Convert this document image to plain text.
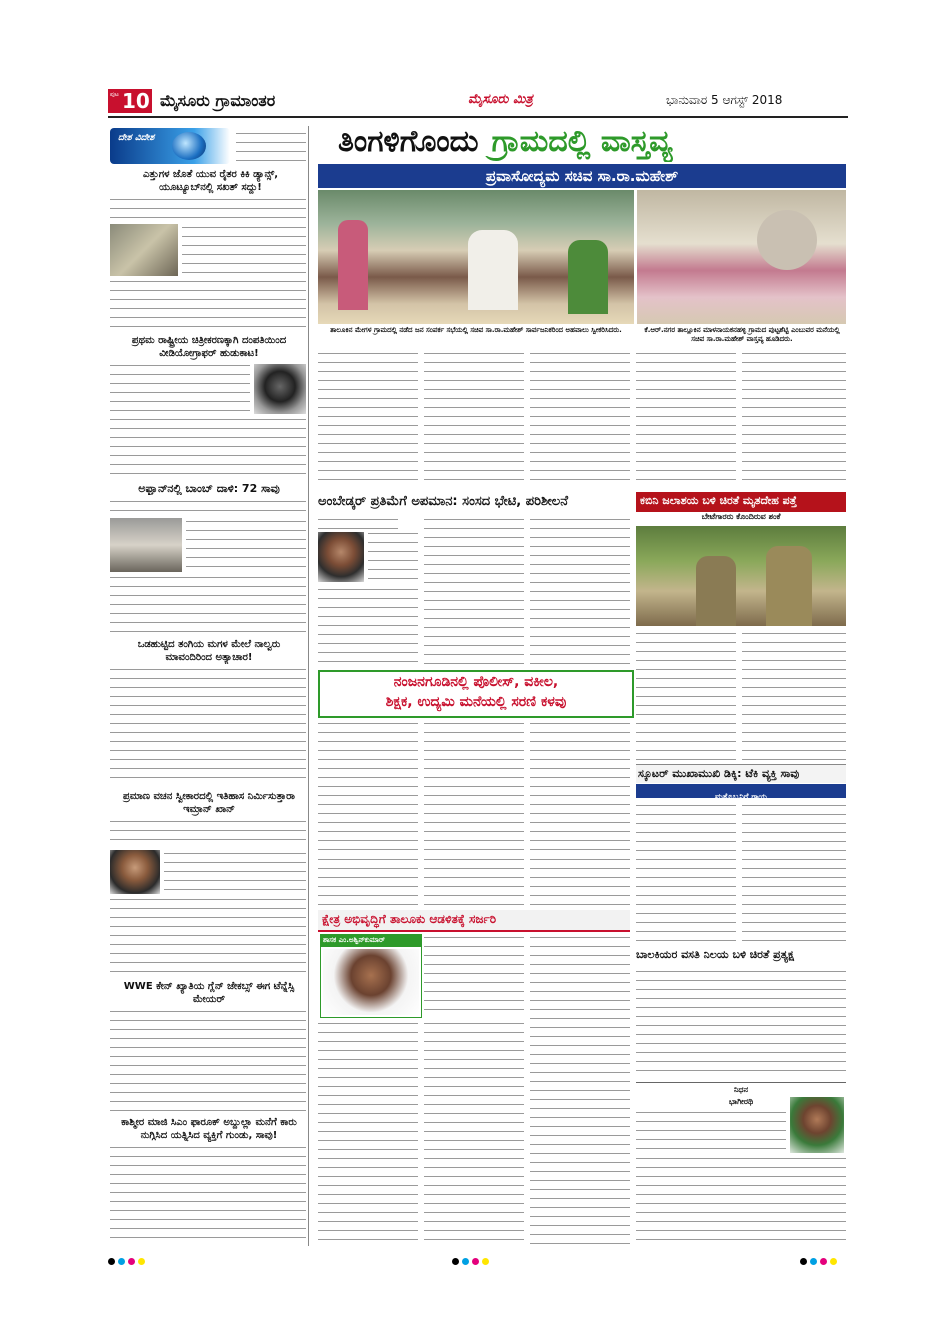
ಪುಟ 10 ಮೈಸೂರು ಗ್ರಾಮಾಂತರ	ಮೈಸೂರು ಮಿತ್ರ	ಭಾನುವಾರ 5 ಆಗಸ್ಟ್ 2018
ದೇಶ ವಿದೇಶ
ಎತ್ತುಗಳ ಜೊತೆ ಯುವ ರೈತರ ಕಿಕಿ ಡ್ಯಾನ್ಸ್, ಯೂಟ್ಯೂಬ್‍ನಲ್ಲಿ ಸಖತ್ ಸದ್ದು!
ಪ್ರಥಮ ರಾಷ್ಟ್ರೀಯ ಚಿತ್ರೀಕರಣಕ್ಕಾಗಿ ದಂಪತಿಯಿಂದ ವೀಡಿಯೋಗ್ರಾಫರ್ ಹುಡುಕಾಟ!
ಅಫ್ಘಾನ್‍ನಲ್ಲಿ ಬಾಂಬ್ ದಾಳಿ: 72 ಸಾವು
ಒಡಹುಟ್ಟಿದ ತಂಗಿಯ ಮಗಳ ಮೇಲೆ ನಾಲ್ವರು ಮಾವಂದಿರಿಂದ ಅತ್ಯಾಚಾರ!
ಪ್ರಮಾಣ ವಚನ ಸ್ವೀಕಾರದಲ್ಲಿ ಇತಿಹಾಸ ನಿರ್ಮಿಸುತ್ತಾರಾ ಇಮ್ರಾನ್ ಖಾನ್
WWE ಕೇನ್ ಖ್ಯಾತಿಯ ಗ್ಲೆನ್ ಜೇಕಬ್ಸ್ ಈಗ ಟೆನ್ನೆಸ್ಸಿ ಮೇಯರ್
ಕಾಶ್ಮೀರ ಮಾಜಿ ಸಿಎಂ ಫಾರೂಕ್ ಅಬ್ದುಲ್ಲಾ ಮನೆಗೆ ಕಾರು ನುಗ್ಗಿಸಿದ ಯತ್ನಿಸಿದ ವ್ಯಕ್ತಿಗೆ ಗುಂಡು, ಸಾವು!
ತಿಂಗಳಿಗೊಂದು ಗ್ರಾಮದಲ್ಲಿ ವಾಸ್ತವ್ಯ
ಪ್ರವಾಸೋದ್ಯಮ ಸಚಿವ ಸಾ.ರಾ.ಮಹೇಶ್
ತಾಲೂಕಿನ ಮೇಗಳ ಗ್ರಾಮದಲ್ಲಿ ನಡೆದ ಜನ ಸಂಪರ್ಕ ಸಭೆಯಲ್ಲಿ ಸಚಿವ ಸಾ.ರಾ.ಮಹೇಶ್ ಸಾರ್ವಜನಿಕರಿಂದ ಅಹವಾಲು ಸ್ವೀಕರಿಸಿದರು.	ಕೆ.ಆರ್.ನಗರ ತಾಲ್ಲೂಕಿನ ಮಾಳನಾಯಕನಹಳ್ಳಿ ಗ್ರಾಮದ ಪುಟ್ಟಶೆಟ್ಟಿ ಎಂಬುವರ ಮನೆಯಲ್ಲಿ ಸಚಿವ ಸಾ.ರಾ.ಮಹೇಶ್ ವಾಸ್ತವ್ಯ ಹೂಡಿದರು.
ಅಂಬೇಡ್ಕರ್ ಪ್ರತಿಮೆಗೆ ಅಪಮಾನ: ಸಂಸದ ಭೇಟಿ, ಪರಿಶೀಲನೆ	ಕಬಿನಿ ಜಲಾಶಯ ಬಳಿ ಚಿರತೆ ಮೃತದೇಹ ಪತ್ತೆ
ಬೇಟೆಗಾರರು ಕೊಂದಿರುವ ಶಂಕೆ
ನಂಜನಗೂಡಿನಲ್ಲಿ ಪೊಲೀಸ್, ವಕೀಲ,
ಶಿಕ್ಷಕ, ಉದ್ಯಮಿ ಮನೆಯಲ್ಲಿ ಸರಣಿ ಕಳವು
ಸ್ಕೂಟರ್ ಮುಖಾಮುಖಿ ಡಿಕ್ಕಿ: ಟೆಕಿ ವ್ಯಕ್ತಿ ಸಾವು
ಮತ್ತೊಬ್ಬನಿಗೆ ಗಾಯ
ಕ್ಷೇತ್ರ ಅಭಿವೃದ್ಧಿಗೆ ತಾಲೂಕು ಆಡಳಿತಕ್ಕೆ ಸರ್ಜರಿ
ಶಾಸಕ ಎಂ.ಅಶ್ವಿನ್‍ಕುಮಾರ್
ಬಾಲಕಿಯರ ವಸತಿ ನಿಲಯ ಬಳಿ ಚಿರತೆ ಪ್ರತ್ಯಕ್ಷ
ನಿಧನ
ಭಾಗೀರಥಿ
